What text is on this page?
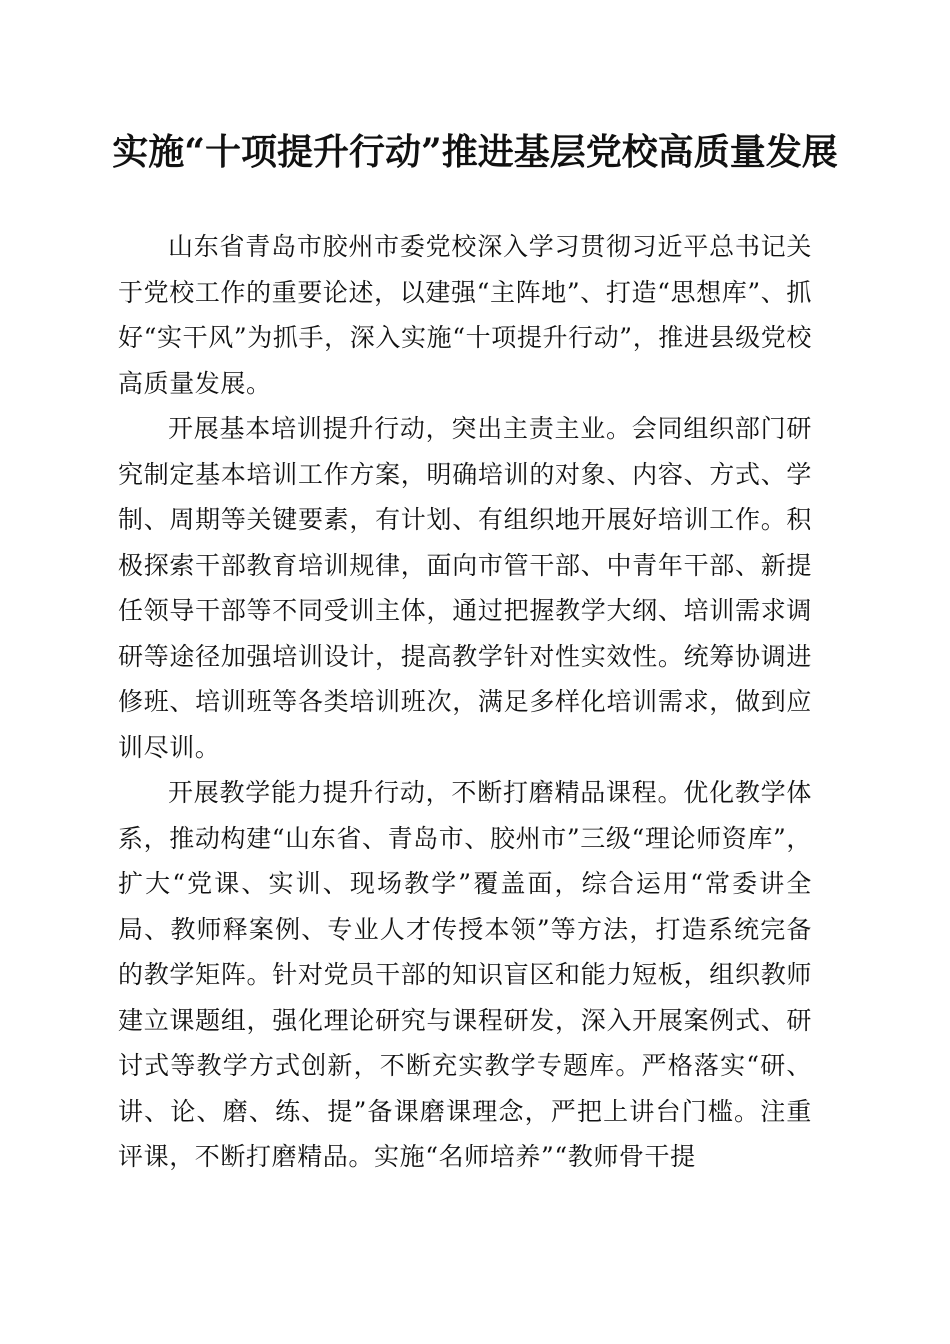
实施“十项提升行动”推进基层党校高质量发展

山东省青岛市胶州市委党校深入学习贯彻习近平总书记关于党校工作的重要论述，以建强“主阵地”、打造“思想库”、抓好“实干风”为抓手，深入实施“十项提升行动”，推进县级党校高质量发展。

开展基本培训提升行动，突出主责主业。会同组织部门研究制定基本培训工作方案，明确培训的对象、内容、方式、学制、周期等关键要素，有计划、有组织地开展好培训工作。积极探索干部教育培训规律，面向市管干部、中青年干部、新提任领导干部等不同受训主体，通过把握教学大纲、培训需求调研等途径加强培训设计，提高教学针对性实效性。统筹协调进修班、培训班等各类培训班次，满足多样化培训需求，做到应训尽训。

开展教学能力提升行动，不断打磨精品课程。优化教学体系，推动构建“山东省、青岛市、胶州市”三级“理论师资库”，扩大“党课、实训、现场教学”覆盖面，综合运用“常委讲全局、教师释案例、专业人才传授本领”等方法，打造系统完备的教学矩阵。针对党员干部的知识盲区和能力短板，组织教师建立课题组，强化理论研究与课程研发，深入开展案例式、研讨式等教学方式创新，不断充实教学专题库。严格落实“研、讲、论、磨、练、提”备课磨课理念，严把上讲台门槛。注重评课，不断打磨精品。实施“名师培养”“教师骨干提
